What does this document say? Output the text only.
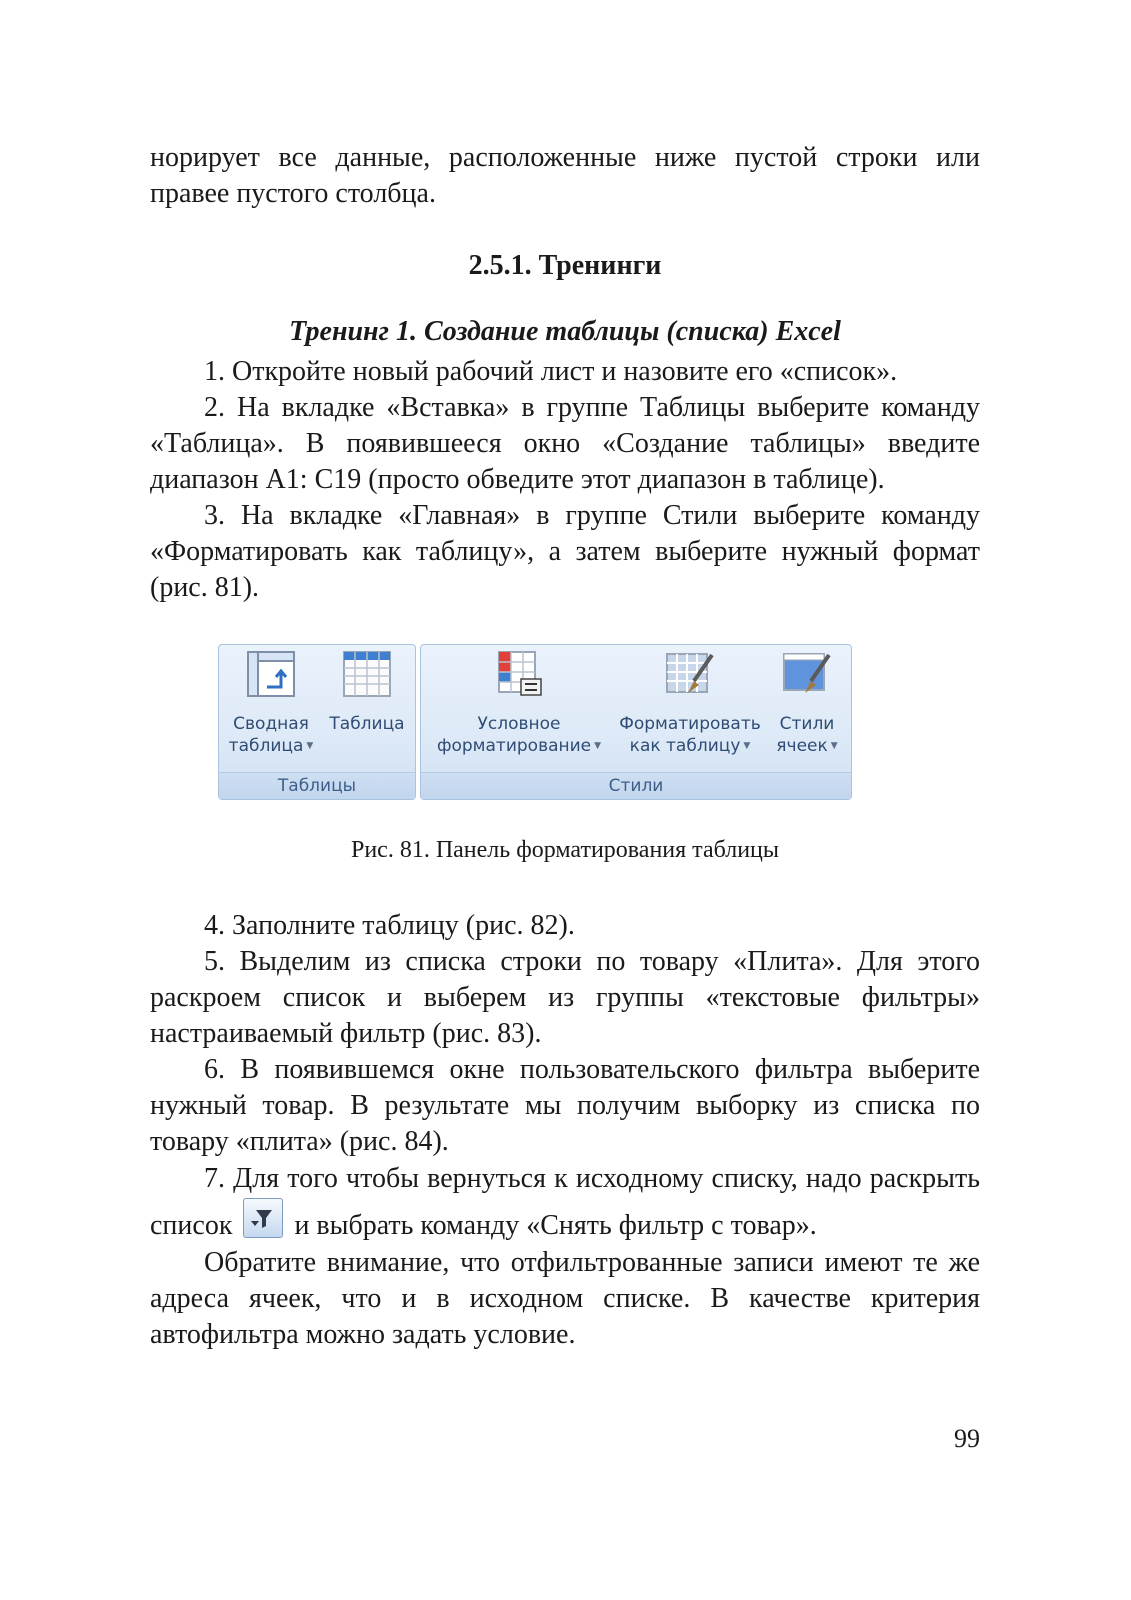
норирует все данные, расположенные ниже пустой строки или правее пустого столбца.

2.5.1. Тренинги
Тренинг 1. Создание таблицы (списка) Excel

1. Откройте новый рабочий лист и назовите его «список».

2. На вкладке «Вставка» в группе Таблицы выберите команду «Таблица». В появившееся окно «Создание таблицы» введите диапазон А1: С19 (просто обведите этот диапазон в таблице).

3. На вкладке «Главная» в группе Стили выберите команду «Форматировать как таблицу», а затем выберите нужный формат (рис. 81).

Сводная
таблица ▼
Таблица
Таблицы
Условное
форматирование ▼
Форматировать
как таблицу ▼
Стили
ячеек ▼
Стили
Рис. 81. Панель форматирования таблицы

4. Заполните таблицу (рис. 82).

5. Выделим из списка строки по товару «Плита». Для этого раскроем список и выберем из группы «текстовые фильтры» настраиваемый фильтр (рис. 83).

6. В появившемся окне пользовательского фильтра выберите нужный товар. В результате мы получим выборку из списка по товару «плита» (рис. 84).

7. Для того чтобы вернуться к исходному списку, надо раскрыть список и выбрать команду «Снять фильтр с товар».

Обратите внимание, что отфильтрованные записи имеют те же адреса ячеек, что и в исходном списке. В качестве критерия автофильтра можно задать условие.

99
